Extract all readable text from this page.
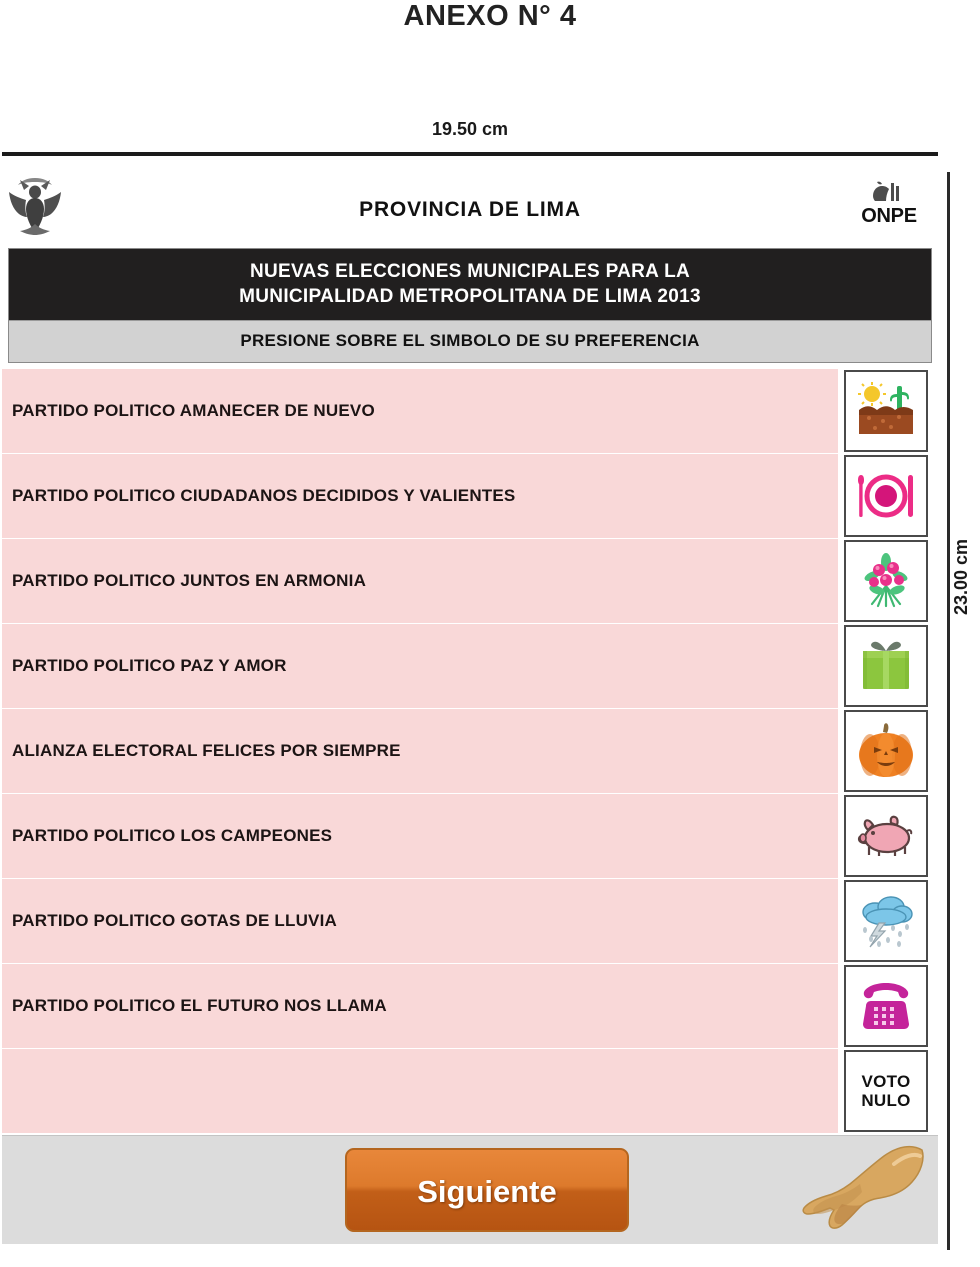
ANEXO N° 4
19.50 cm
23.00 cm
PROVINCIA DE LIMA	ONPE
NUEVAS ELECCIONES MUNICIPALES PARA LA
MUNICIPALIDAD METROPOLITANA DE LIMA 2013
PRESIONE SOBRE EL SIMBOLO DE SU PREFERENCIA
PARTIDO POLITICO AMANECER DE NUEVO
PARTIDO POLITICO CIUDADANOS DECIDIDOS Y VALIENTES
PARTIDO POLITICO JUNTOS EN ARMONIA
PARTIDO POLITICO PAZ Y AMOR
ALIANZA ELECTORAL FELICES POR SIEMPRE
PARTIDO POLITICO LOS CAMPEONES
PARTIDO POLITICO GOTAS DE LLUVIA
PARTIDO POLITICO EL FUTURO NOS LLAMA
VOTO
NULO
Siguiente
